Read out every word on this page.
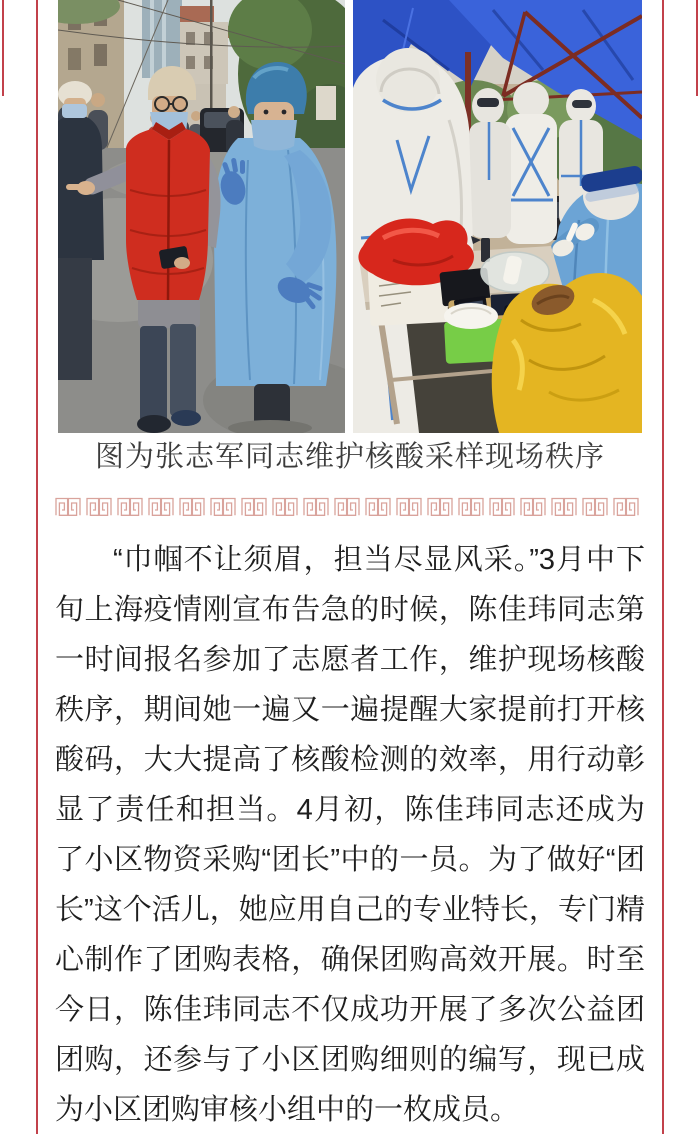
图为张志军同志维护核酸采样现场秩序

“巾帼不让须眉，担当尽显风采。”3月中下旬上海疫情刚宣布告急的时候，陈佳玮同志第一时间报名参加了志愿者工作，维护现场核酸秩序，期间她一遍又一遍提醒大家提前打开核酸码，大大提高了核酸检测的效率，用行动彰显了责任和担当。4月初，陈佳玮同志还成为了小区物资采购“团长”中的一员。为了做好“团长”这个活儿，她应用自己的专业特长，专门精心制作了团购表格，确保团购高效开展。时至今日，陈佳玮同志不仅成功开展了多次公益团团购，还参与了小区团购细则的编写，现已成为小区团购审核小组中的一枚成员。
